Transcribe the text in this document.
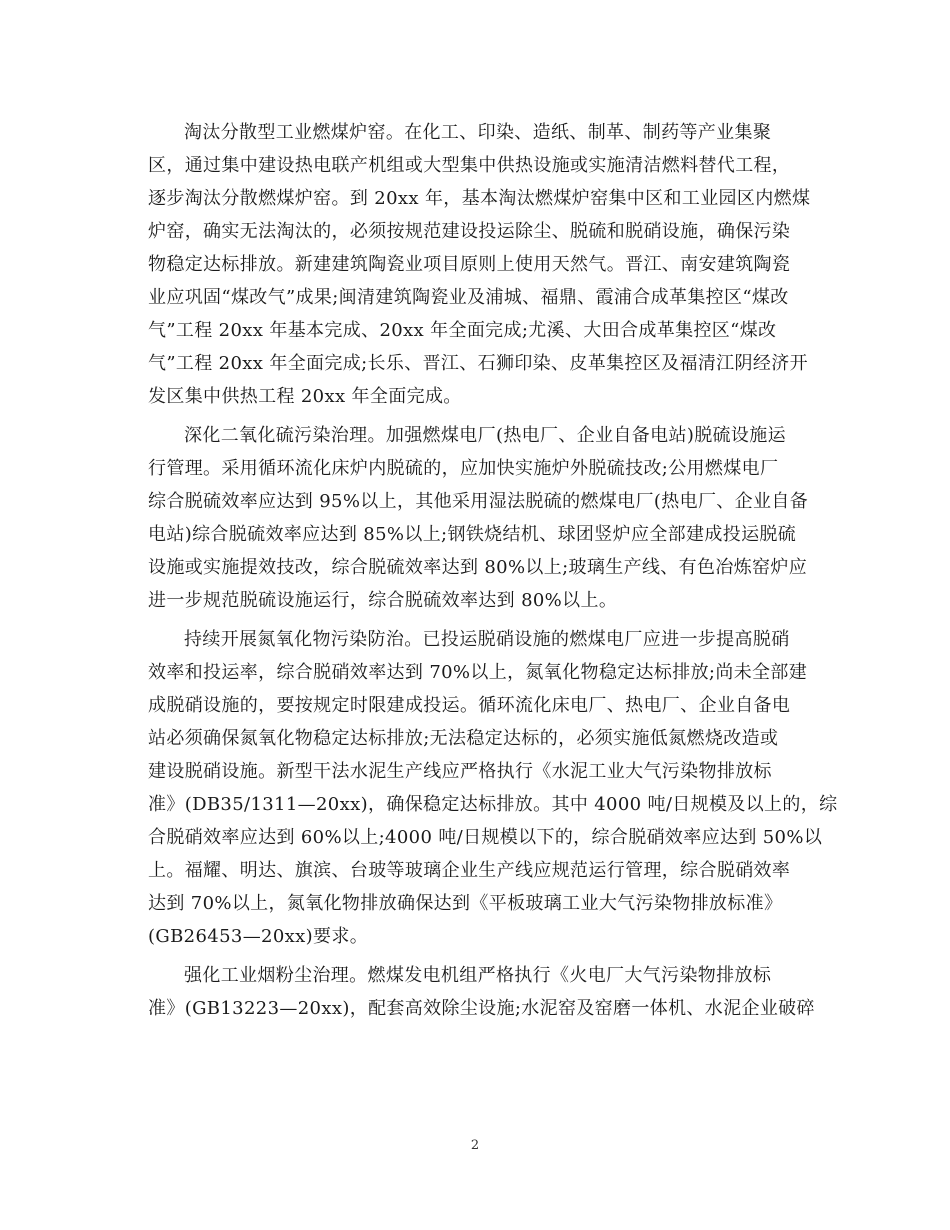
淘汰分散型工业燃煤炉窑。在化工、印染、造纸、制革、制药等产业集聚
区，通过集中建设热电联产机组或大型集中供热设施或实施清洁燃料替代工程，
逐步淘汰分散燃煤炉窑。到 20xx 年，基本淘汰燃煤炉窑集中区和工业园区内燃煤
炉窑，确实无法淘汰的，必须按规范建设投运除尘、脱硫和脱硝设施，确保污染
物稳定达标排放。新建建筑陶瓷业项目原则上使用天然气。晋江、南安建筑陶瓷
业应巩固“煤改气”成果;闽清建筑陶瓷业及浦城、福鼎、霞浦合成革集控区“煤改
气”工程 20xx 年基本完成、20xx 年全面完成;尤溪、大田合成革集控区“煤改
气”工程 20xx 年全面完成;长乐、晋江、石狮印染、皮革集控区及福清江阴经济开
发区集中供热工程 20xx 年全面完成。

深化二氧化硫污染治理。加强燃煤电厂(热电厂、企业自备电站)脱硫设施运
行管理。采用循环流化床炉内脱硫的，应加快实施炉外脱硫技改;公用燃煤电厂
综合脱硫效率应达到 95%以上，其他采用湿法脱硫的燃煤电厂(热电厂、企业自备
电站)综合脱硫效率应达到 85%以上;钢铁烧结机、球团竖炉应全部建成投运脱硫
设施或实施提效技改，综合脱硫效率达到 80%以上;玻璃生产线、有色冶炼窑炉应
进一步规范脱硫设施运行，综合脱硫效率达到 80%以上。

持续开展氮氧化物污染防治。已投运脱硝设施的燃煤电厂应进一步提高脱硝
效率和投运率，综合脱硝效率达到 70%以上，氮氧化物稳定达标排放;尚未全部建
成脱硝设施的，要按规定时限建成投运。循环流化床电厂、热电厂、企业自备电
站必须确保氮氧化物稳定达标排放;无法稳定达标的，必须实施低氮燃烧改造或
建设脱硝设施。新型干法水泥生产线应严格执行《水泥工业大气污染物排放标
准》(DB35/1311—20xx)，确保稳定达标排放。其中 4000 吨/日规模及以上的，综
合脱硝效率应达到 60%以上;4000 吨/日规模以下的，综合脱硝效率应达到 50%以
上。福耀、明达、旗滨、台玻等玻璃企业生产线应规范运行管理，综合脱硝效率
达到 70%以上，氮氧化物排放确保达到《平板玻璃工业大气污染物排放标准》
(GB26453—20xx)要求。

强化工业烟粉尘治理。燃煤发电机组严格执行《火电厂大气污染物排放标
准》(GB13223—20xx)，配套高效除尘设施;水泥窑及窑磨一体机、水泥企业破碎

2
